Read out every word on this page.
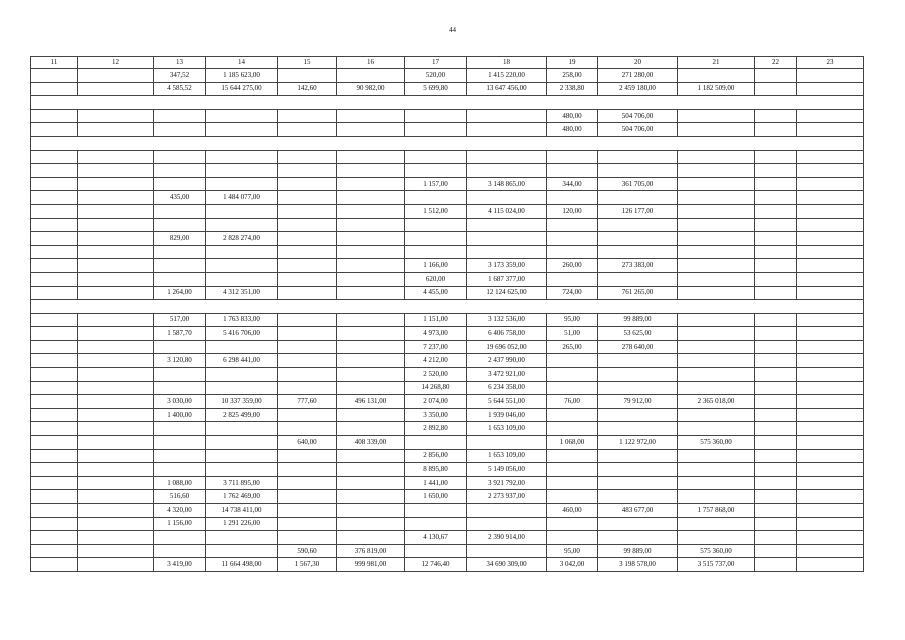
44
11	12	13	14	15	16	17	18	19	20	21	22	23
		347,52	1 185 623,00			520,00	1 415 220,00	258,00	271 280,00			
		4 585,52	15 644 275,00	142,60	90 982,00	5 699,80	13 647 456,00	2 338,80	2 459 180,00	1 182 509,00		

								480,00	504 706,00			
								480,00	504 706,00			

						1 157,00	3 148 865,00	344,00	361 705,00			
		435,00	1 484 077,00									
						1 512,00	4 115 024,00	120,00	126 177,00			

		829,00	2 828 274,00									

						1 166,00	3 173 359,00	260,00	273 383,00			
						620,00	1 687 377,00					
		1 264,00	4 312 351,00			4 455,00	12 124 625,00	724,00	761 265,00			

		517,00	1 763 833,00			1 151,00	3 132 536,00	95,00	99 889,00			
		1 587,70	5 416 706,00			4 973,00	6 406 758,00	51,00	53 625,00			
						7 237,00	19 696 052,00	265,00	278 640,00			
		3 120,80	6 298 441,00			4 212,00	2 437 990,00					
						2 520,00	3 472 921,00					
						14 268,80	6 234 358,00					
		3 030,00	10 337 359,00	777,60	496 131,00	2 074,00	5 644 551,00	76,00	79 912,00	2 365 018,00		
		1 400,00	2 825 499,00			3 350,00	1 939 046,00					
						2 892,80	1 653 109,00					
				640,00	408 339,00			1 068,00	1 122 972,00	575 360,00		
						2 856,00	1 653 109,00					
						8 895,80	5 149 056,00					
		1 088,00	3 711 895,00			1 441,00	3 921 792,00					
		516,60	1 762 469,00			1 650,00	2 273 937,00					
		4 320,00	14 738 411,00					460,00	483 677,00	1 757 868,00		
		1 156,00	1 291 226,00									
						4 130,67	2 390 914,00					
				590,60	376 819,00			95,00	99 889,00	575 360,00		
		3 419,00	11 664 498,00	1 567,30	999 981,00	12 746,40	34 690 309,00	3 042,00	3 198 578,00	3 515 737,00		
